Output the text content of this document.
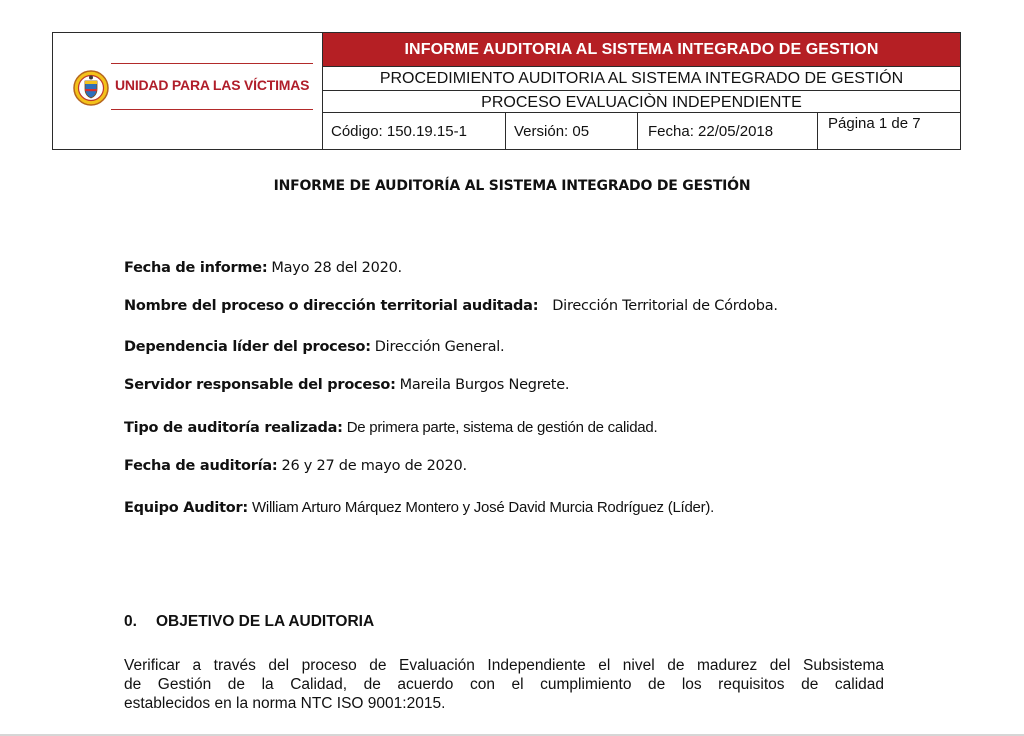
UNIDAD PARA LAS VÍCTIMAS
INFORME AUDITORIA AL SISTEMA INTEGRADO DE GESTION
PROCEDIMIENTO AUDITORIA AL SISTEMA INTEGRADO DE GESTIÓN
PROCESO EVALUACIÒN INDEPENDIENTE
Código: 150.19.15-1	Versión: 05	Fecha: 22/05/2018	Página 1 de 7
INFORME DE AUDITORÍA AL SISTEMA INTEGRADO DE GESTIÓN
Fecha de informe: Mayo 28 del 2020.
Nombre del proceso o dirección territorial auditada: Dirección Territorial de Córdoba.
Dependencia líder del proceso: Dirección General.
Servidor responsable del proceso: Mareila Burgos Negrete.
Tipo de auditoría realizada: De primera parte, sistema de gestión de calidad.
Fecha de auditoría: 26 y 27 de mayo de 2020.
Equipo Auditor: William Arturo Márquez Montero y José David Murcia Rodríguez (Líder).
0. OBJETIVO DE LA AUDITORIA
Verificar a través del proceso de Evaluación Independiente el nivel de madurez del Subsistema
de Gestión de la Calidad, de acuerdo con el cumplimiento de los requisitos de calidad
establecidos en la norma NTC ISO 9001:2015.
